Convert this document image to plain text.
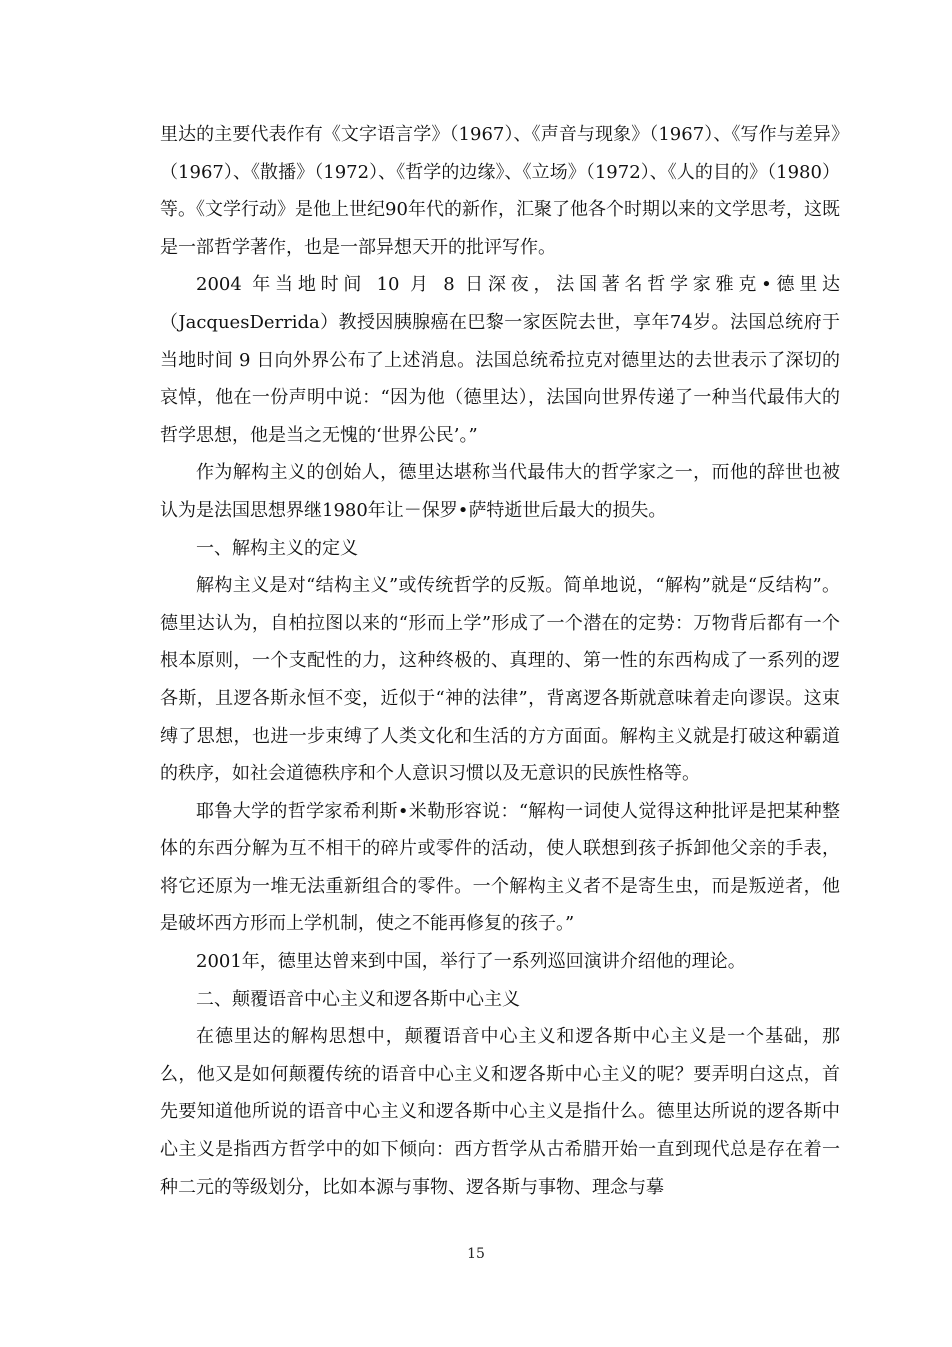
里达的主要代表作有《文字语言学》（1967）、《声音与现象》（1967）、《写作与差异》（1967）、《散播》（1972）、《哲学的边缘》、《立场》（1972）、《人的目的》（1980）等。《文学行动》是他上世纪90年代的新作，汇聚了他各个时期以来的文学思考，这既是一部哲学著作，也是一部异想天开的批评写作。

2004 年当地时间 10 月 8 日深夜，法国著名哲学家雅克•德里达（JacquesDerrida）教授因胰腺癌在巴黎一家医院去世，享年74岁。法国总统府于当地时间 9 日向外界公布了上述消息。法国总统希拉克对德里达的去世表示了深切的哀悼，他在一份声明中说：“因为他（德里达），法国向世界传递了一种当代最伟大的哲学思想，他是当之无愧的‘世界公民’。”

作为解构主义的创始人，德里达堪称当代最伟大的哲学家之一，而他的辞世也被认为是法国思想界继1980年让－保罗•萨特逝世后最大的损失。

一、解构主义的定义

解构主义是对“结构主义”或传统哲学的反叛。简单地说，“解构”就是“反结构”。德里达认为，自柏拉图以来的“形而上学”形成了一个潜在的定势：万物背后都有一个根本原则，一个支配性的力，这种终极的、真理的、第一性的东西构成了一系列的逻各斯，且逻各斯永恒不变，近似于“神的法律”，背离逻各斯就意味着走向谬误。这束缚了思想，也进一步束缚了人类文化和生活的方方面面。解构主义就是打破这种霸道的秩序，如社会道德秩序和个人意识习惯以及无意识的民族性格等。

耶鲁大学的哲学家希利斯•米勒形容说：“解构一词使人觉得这种批评是把某种整体的东西分解为互不相干的碎片或零件的活动，使人联想到孩子拆卸他父亲的手表，将它还原为一堆无法重新组合的零件。一个解构主义者不是寄生虫，而是叛逆者，他是破坏西方形而上学机制，使之不能再修复的孩子。”

2001年，德里达曾来到中国，举行了一系列巡回演讲介绍他的理论。

二、颠覆语音中心主义和逻各斯中心主义

在德里达的解构思想中，颠覆语音中心主义和逻各斯中心主义是一个基础，那么，他又是如何颠覆传统的语音中心主义和逻各斯中心主义的呢？要弄明白这点，首先要知道他所说的语音中心主义和逻各斯中心主义是指什么。德里达所说的逻各斯中心主义是指西方哲学中的如下倾向：西方哲学从古希腊开始一直到现代总是存在着一种二元的等级划分，比如本源与事物、逻各斯与事物、理念与摹

15
